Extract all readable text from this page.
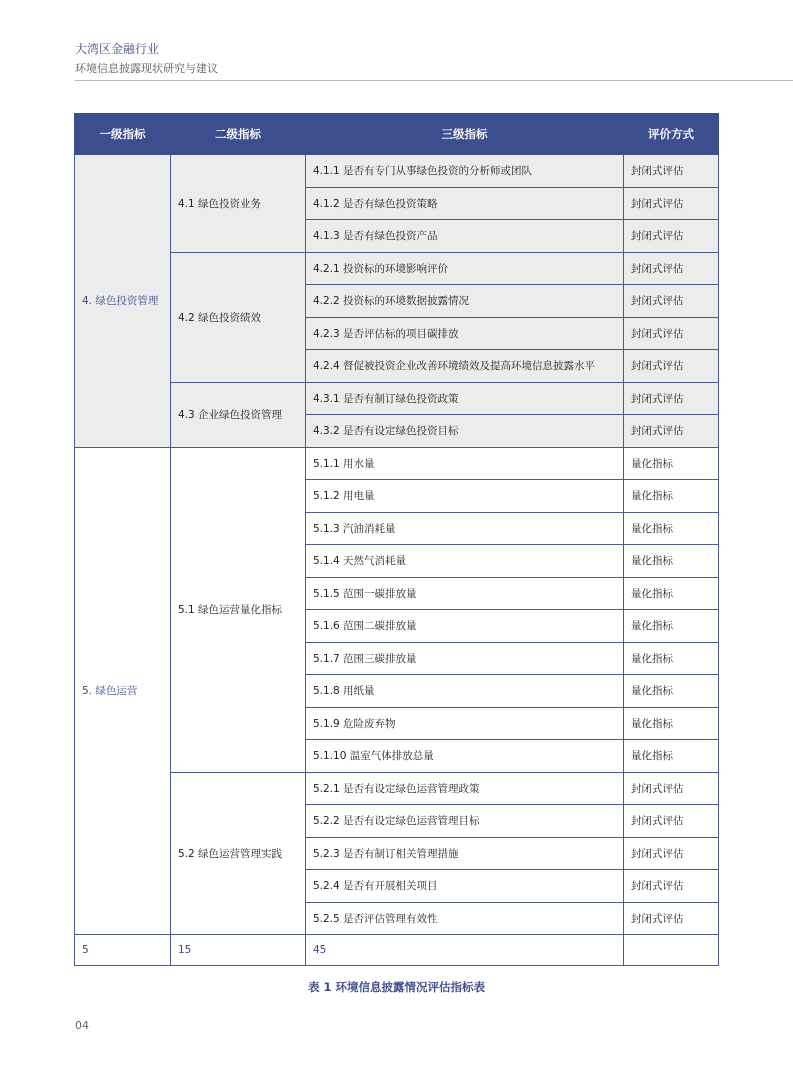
大湾区金融行业
环境信息披露现状研究与建议
一级指标	二级指标	三级指标	评价方式
4. 绿色投资管理	4.1 绿色投资业务	4.1.1 是否有专门从事绿色投资的分析师或团队	封闭式评估
		4.1.2 是否有绿色投资策略	封闭式评估
		4.1.3 是否有绿色投资产品	封闭式评估
	4.2 绿色投资绩效	4.2.1 投资标的环境影响评价	封闭式评估
		4.2.2 投资标的环境数据披露情况	封闭式评估
		4.2.3 是否评估标的项目碳排放	封闭式评估
		4.2.4 督促被投资企业改善环境绩效及提高环境信息披露水平	封闭式评估
	4.3 企业绿色投资管理	4.3.1 是否有制订绿色投资政策	封闭式评估
		4.3.2 是否有设定绿色投资目标	封闭式评估
5. 绿色运营	5.1 绿色运营量化指标	5.1.1 用水量	量化指标
		5.1.2 用电量	量化指标
		5.1.3 汽油消耗量	量化指标
		5.1.4 天然气消耗量	量化指标
		5.1.5 范围一碳排放量	量化指标
		5.1.6 范围二碳排放量	量化指标
		5.1.7 范围三碳排放量	量化指标
		5.1.8 用纸量	量化指标
		5.1.9 危险废弃物	量化指标
		5.1.10 温室气体排放总量	量化指标
	5.2 绿色运营管理实践	5.2.1 是否有设定绿色运营管理政策	封闭式评估
		5.2.2 是否有设定绿色运营管理目标	封闭式评估
		5.2.3 是否有制订相关管理措施	封闭式评估
		5.2.4 是否有开展相关项目	封闭式评估
		5.2.5 是否评估管理有效性	封闭式评估
5	15	45	
表 1 环境信息披露情况评估指标表
04
